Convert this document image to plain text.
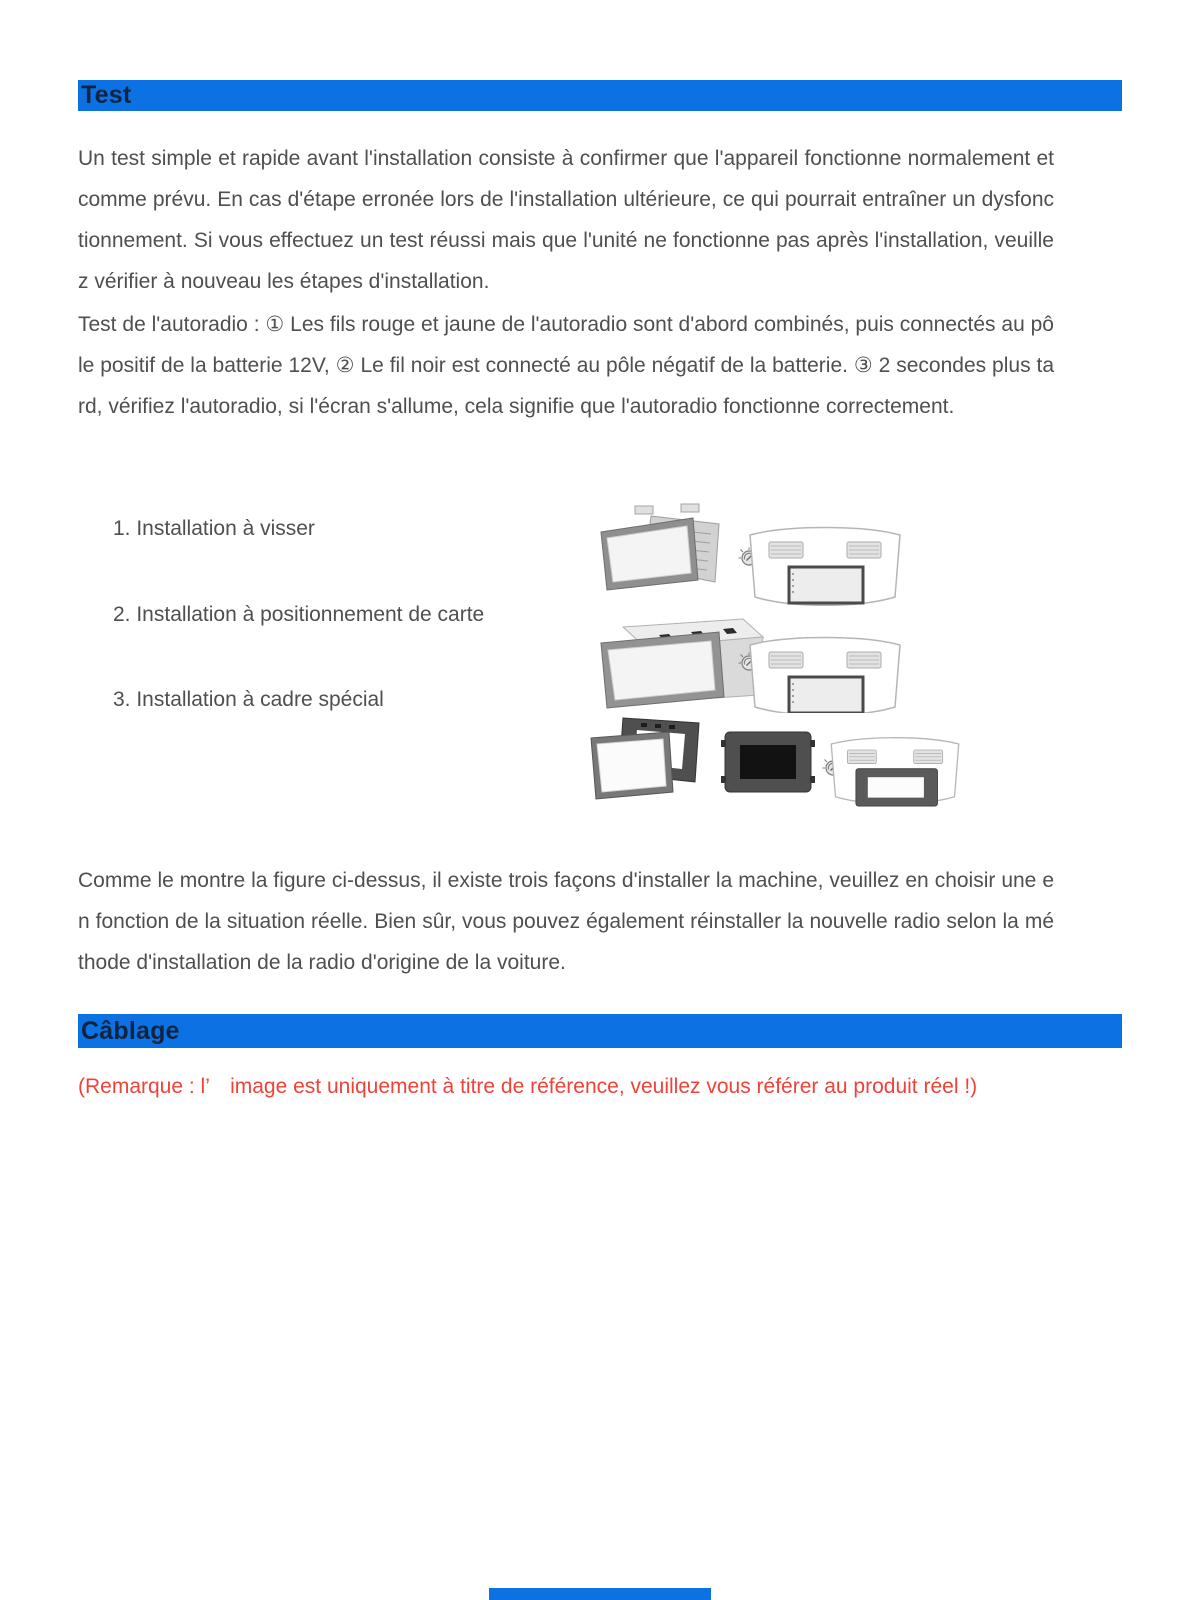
Test

Un test simple et rapide avant l'installation consiste à confirmer que l'appareil fonctionne normalement et comme prévu. En cas d'étape erronée lors de l'installation ultérieure, ce qui pourrait entraîner un dysfonctionnement. Si vous effectuez un test réussi mais que l'unité ne fonctionne pas après l'installation, veuillez vérifier à nouveau les étapes d'installation.

Test de l'autoradio : ① Les fils rouge et jaune de l'autoradio sont d'abord combinés, puis connectés au pôle positif de la batterie 12V, ② Le fil noir est connecté au pôle négatif de la batterie. ③ 2 secondes plus tard, vérifiez l'autoradio, si l'écran s'allume, cela signifie que l'autoradio fonctionne correctement.

1. Installation à visser
2. Installation à positionnement de carte
3. Installation à cadre spécial

Comme le montre la figure ci-dessus, il existe trois façons d'installer la machine, veuillez en choisir une en fonction de la situation réelle. Bien sûr, vous pouvez également réinstaller la nouvelle radio selon la méthode d'installation de la radio d'origine de la voiture.

Câblage
(Remarque : l’　image est uniquement à titre de référence, veuillez vous référer au produit réel !)
